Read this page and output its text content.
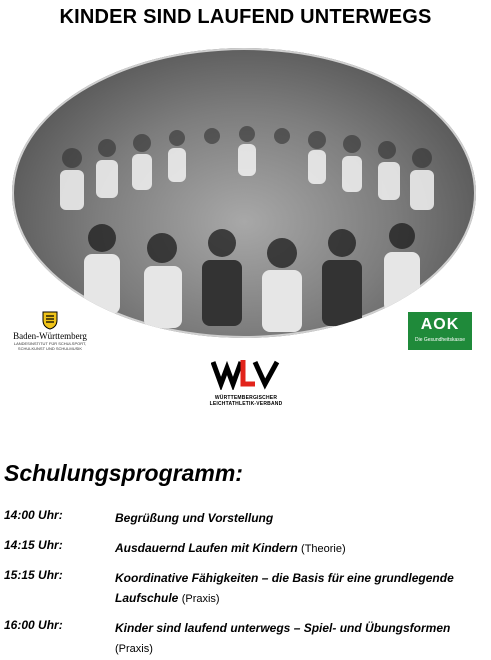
KINDER SIND LAUFEND UNTERWEGS
Baden-Württemberg
LANDESINSTITUT FÜR SCHULSPORT, SCHULKUNST UND SCHULMUSIK
AOK
Die Gesundheitskasse
WÜRTTEMBERGISCHER
LEICHTATHLETIK-VERBAND
Schulungsprogramm:
14:00 Uhr:	Begrüßung und Vorstellung
14:15 Uhr:	Ausdauernd Laufen mit Kindern (Theorie)
15:15 Uhr:	Koordinative Fähigkeiten – die Basis für eine grundlegende Laufschule (Praxis)
16:00 Uhr:	Kinder sind laufend unterwegs – Spiel- und Übungsformen (Praxis)
